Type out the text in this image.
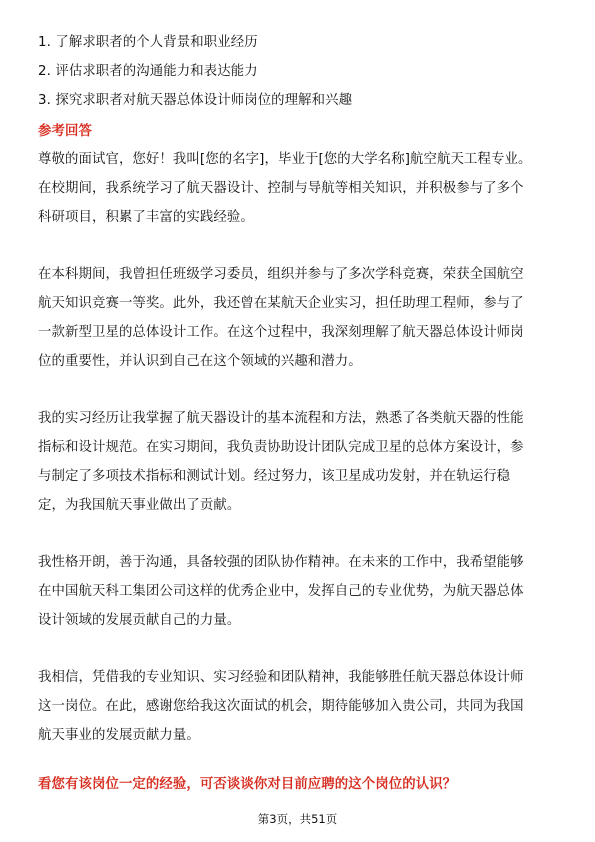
1. 了解求职者的个人背景和职业经历
2. 评估求职者的沟通能力和表达能力
3. 探究求职者对航天器总体设计师岗位的理解和兴趣
参考回答
尊敬的面试官，您好！我叫[您的名字]，毕业于[您的大学名称]航空航天工程专业。
在校期间，我系统学习了航天器设计、控制与导航等相关知识，并积极参与了多个
科研项目，积累了丰富的实践经验。
在本科期间，我曾担任班级学习委员，组织并参与了多次学科竞赛，荣获全国航空
航天知识竞赛一等奖。此外，我还曾在某航天企业实习，担任助理工程师，参与了
一款新型卫星的总体设计工作。在这个过程中，我深刻理解了航天器总体设计师岗
位的重要性，并认识到自己在这个领域的兴趣和潜力。
我的实习经历让我掌握了航天器设计的基本流程和方法，熟悉了各类航天器的性能
指标和设计规范。在实习期间，我负责协助设计团队完成卫星的总体方案设计，参
与制定了多项技术指标和测试计划。经过努力，该卫星成功发射，并在轨运行稳
定，为我国航天事业做出了贡献。
我性格开朗，善于沟通，具备较强的团队协作精神。在未来的工作中，我希望能够
在中国航天科工集团公司这样的优秀企业中，发挥自己的专业优势，为航天器总体
设计领域的发展贡献自己的力量。
我相信，凭借我的专业知识、实习经验和团队精神，我能够胜任航天器总体设计师
这一岗位。在此，感谢您给我这次面试的机会，期待能够加入贵公司，共同为我国
航天事业的发展贡献力量。
看您有该岗位一定的经验，可否谈谈你对目前应聘的这个岗位的认识？
第3页，共51页
